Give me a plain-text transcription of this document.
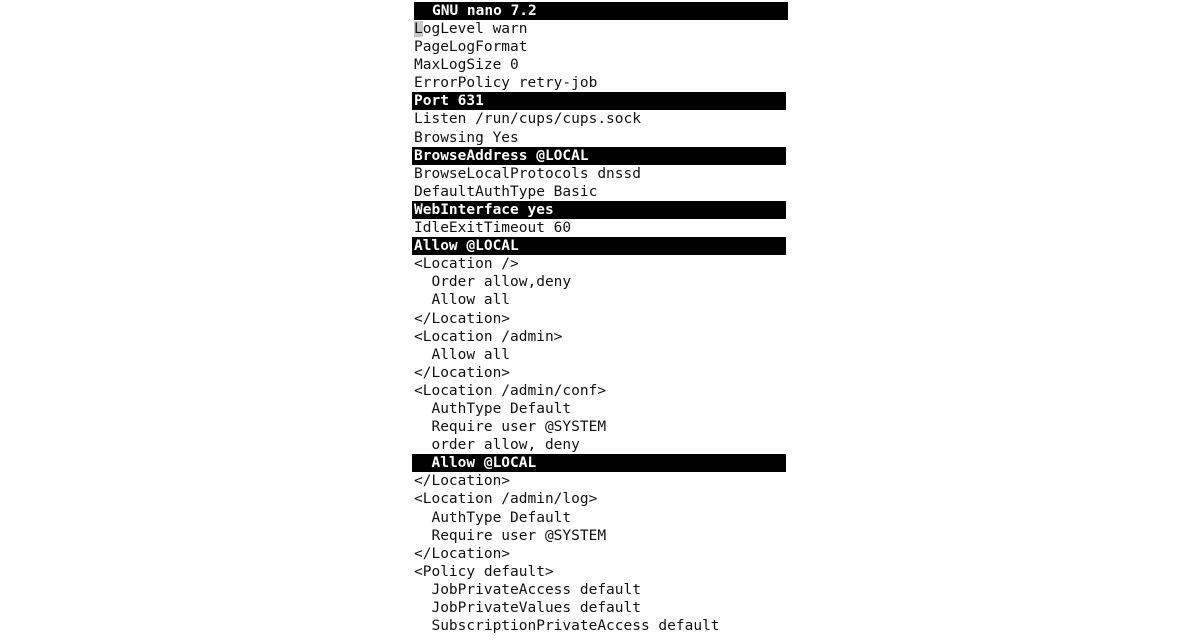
GNU nano 7.2
LogLevel warn
PageLogFormat
MaxLogSize 0
ErrorPolicy retry-job
Port 631
Listen /run/cups/cups.sock
Browsing Yes
BrowseAddress @LOCAL
BrowseLocalProtocols dnssd
DefaultAuthType Basic
WebInterface yes
IdleExitTimeout 60
Allow @LOCAL
<Location />
Order allow,deny
Allow all
</Location>
<Location /admin>
Allow all
</Location>
<Location /admin/conf>
AuthType Default
Require user @SYSTEM
order allow, deny
Allow @LOCAL
</Location>
<Location /admin/log>
AuthType Default
Require user @SYSTEM
</Location>
<Policy default>
JobPrivateAccess default
JobPrivateValues default
SubscriptionPrivateAccess default
